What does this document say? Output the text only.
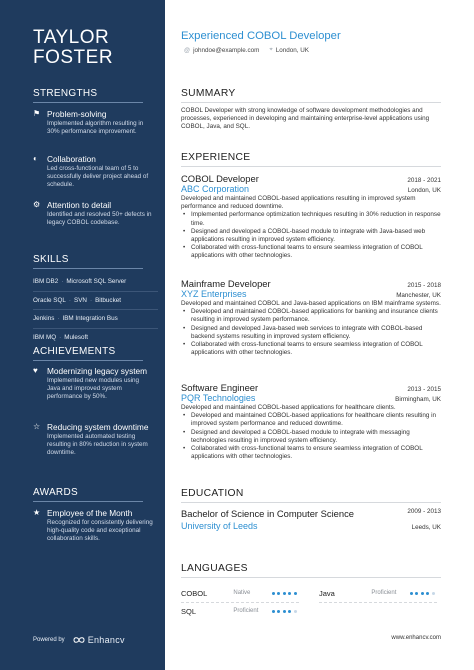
TAYLOR
FOSTER
STRENGTHS
⚑ Problem-solving
Implemented algorithm resulting in 30% performance improvement.
◐	Collaboration
Led cross-functional team of 5 to successfully deliver project ahead of schedule.
⚙ Attention to detail
Identified and resolved 50+ defects in legacy COBOL codebase.
SKILLS
IBM DB2 · Microsoft SQL Server
Oracle SQL · SVN · Bitbucket
Jenkins · IBM Integration Bus
IBM MQ · Mulesoft
ACHIEVEMENTS
♥	Modernizing legacy system
Implemented new modules using Java and improved system performance by 50%.
☆ Reducing system downtime
Implemented automated testing resulting in 80% reduction in system downtime.
AWARDS
★ Employee of the Month
Recognized for consistently delivering high-quality code and exceptional collaboration skills.
Powered by	Enhancv
Experienced COBOL Developer
@ johndoe@example.com ⌖ London, UK
SUMMARY
COBOL Developer with strong knowledge of software development methodologies and processes, experienced in developing and maintaining enterprise-level applications using COBOL, Java, and SQL.
EXPERIENCE
COBOL Developer	2018 - 2021
ABC Corporation	London, UK
Developed and maintained COBOL-based applications resulting in improved system performance and reduced downtime.
• Implemented performance optimization techniques resulting in 30% reduction in response time.
• Designed and developed a COBOL-based module to integrate with Java-based web applications resulting in improved system efficiency.
• Collaborated with cross-functional teams to ensure seamless integration of COBOL applications with other technologies.
Mainframe Developer	2015 - 2018
XYZ Enterprises	Manchester, UK
Developed and maintained COBOL and Java-based applications on IBM mainframe systems.
• Developed and maintained COBOL-based applications for banking and insurance clients resulting in improved system performance.
• Designed and developed Java-based web services to integrate with COBOL-based backend systems resulting in improved system efficiency.
• Collaborated with cross-functional teams to ensure seamless integration of COBOL applications with other technologies.
Software Engineer	2013 - 2015
PQR Technologies	Birmingham, UK
Developed and maintained COBOL-based applications for healthcare clients.
• Developed and maintained COBOL-based applications for healthcare clients resulting in improved system performance and reduced downtime.
• Designed and developed a COBOL-based module to integrate with messaging technologies resulting in improved system efficiency.
• Collaborated with cross-functional teams to ensure seamless integration of COBOL applications with other technologies.
EDUCATION
Bachelor of Science in Computer Science	2009 - 2013
University of Leeds	Leeds, UK
LANGUAGES
COBOL	Native	Java	Proficient
SQL	Proficient
www.enhancv.com
